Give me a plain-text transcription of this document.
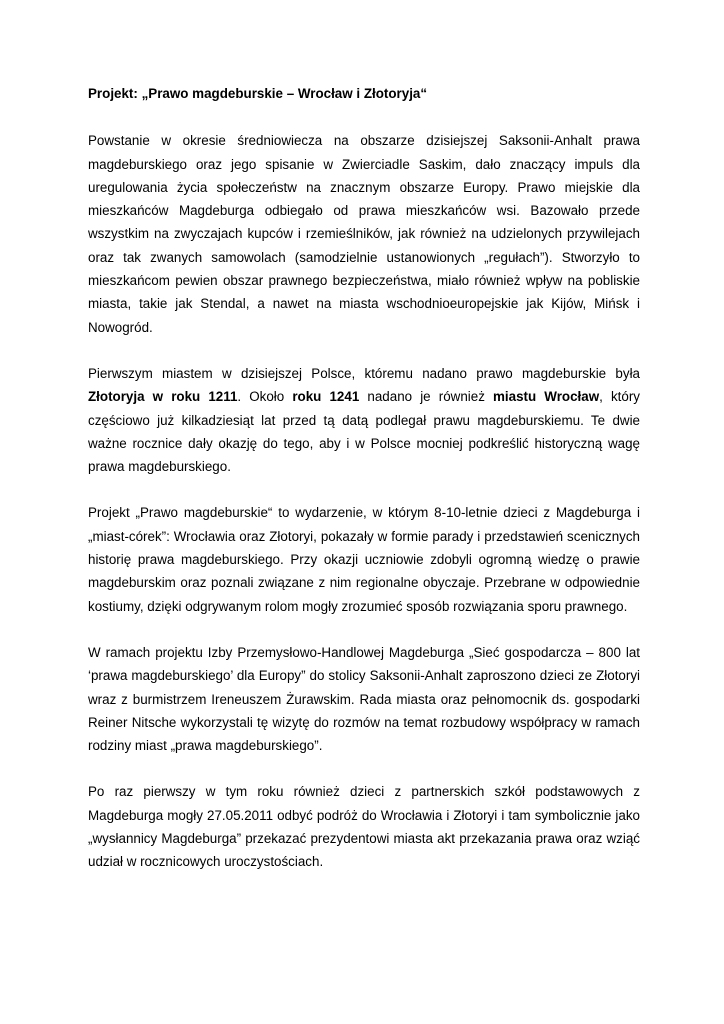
Projekt: „Prawo magdeburskie – Wrocław i Złotoryja“

Powstanie w okresie średniowiecza na obszarze dzisiejszej Saksonii-Anhalt prawa magdeburskiego oraz jego spisanie w Zwierciadle Saskim, dało znaczący impuls dla uregulowania życia społeczeństw na znacznym obszarze Europy. Prawo miejskie dla mieszkańców Magdeburga odbiegało od prawa mieszkańców wsi. Bazowało przede wszystkim na zwyczajach kupców i rzemieślników, jak również na udzielonych przywilejach oraz tak zwanych samowolach (samodzielnie ustanowionych „regułach”). Stworzyło to mieszkańcom pewien obszar prawnego bezpieczeństwa, miało również wpływ na pobliskie miasta, takie jak Stendal, a nawet na miasta wschodnioeuropejskie jak Kijów, Mińsk i Nowogród.

Pierwszym miastem w dzisiejszej Polsce, któremu nadano prawo magdeburskie była Złotoryja w roku 1211. Około roku 1241 nadano je również miastu Wrocław, który częściowo już kilkadziesiąt lat przed tą datą podlegał prawu magdeburskiemu. Te dwie ważne rocznice dały okazję do tego, aby i w Polsce mocniej podkreślić historyczną wagę prawa magdeburskiego.

Projekt „Prawo magdeburskie“ to wydarzenie, w którym 8-10-letnie dzieci z Magdeburga i „miast-córek”: Wrocławia oraz Złotoryi, pokazały w formie parady i przedstawień scenicznych historię prawa magdeburskiego. Przy okazji uczniowie zdobyli ogromną wiedzę o prawie magdeburskim oraz poznali związane z nim regionalne obyczaje. Przebrane w odpowiednie kostiumy, dzięki odgrywanym rolom mogły zrozumieć sposób rozwiązania sporu prawnego.

W ramach projektu Izby Przemysłowo-Handlowej Magdeburga „Sieć gospodarcza – 800 lat ‘prawa magdeburskiego’ dla Europy” do stolicy Saksonii-Anhalt zaproszono dzieci ze Złotoryi wraz z burmistrzem Ireneuszem Żurawskim. Rada miasta oraz pełnomocnik ds. gospodarki Reiner Nitsche wykorzystali tę wizytę do rozmów na temat rozbudowy współpracy w ramach rodziny miast „prawa magdeburskiego”.

Po raz pierwszy w tym roku również dzieci z partnerskich szkół podstawowych z Magdeburga mogły 27.05.2011 odbyć podróż do Wrocławia i Złotoryi i tam symbolicznie jako „wysłannicy Magdeburga” przekazać prezydentowi miasta akt przekazania prawa oraz wziąć udział w rocznicowych uroczystościach.
